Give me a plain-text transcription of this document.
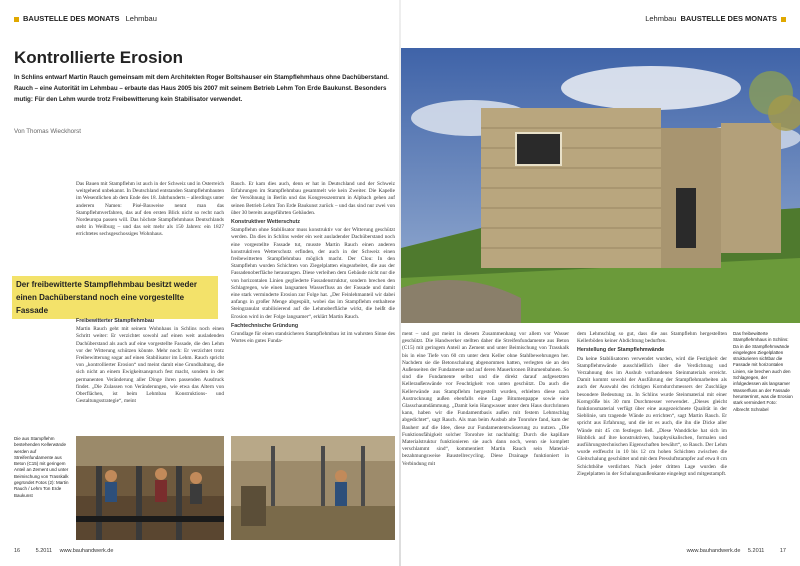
BAUSTELLE DES MONATS Lehmbau	Lehmbau BAUSTELLE DES MONATS
Kontrollierte Erosion
In Schlins entwarf Martin Rauch gemeinsam mit dem Architekten Roger Boltshauser ein Stampflehmhaus ohne Dachüberstand. Rauch – eine Autorität im Lehmbau – erbaute das Haus 2005 bis 2007 mit seinem Betrieb Lehm Ton Erde Baukunst. Besonders mutig: Für den Lehm wurde trotz Freibewitterung kein Stabilisator verwendet.
Von Thomas Wieckhorst

Das Bauen mit Stampflehm ist auch in der Schweiz und in Österreich weitgehend unbekannt. In Deutschland entstanden Stampflehmbauten im Wesentlichen ab dem Ende des 18. Jahrhunderts – allerdings unter anderem Namen: Pisé-Bauweise nennt man das Stampflehmverfahren, das auf den ersten Blick nicht so recht nach Nordeuropa passen will. Das höchste Stampflehmhaus Deutschlands steht in Weilburg – und das seit mehr als 150 Jahren: ein 1827 errichtetes sechsgeschossiges Wohnhaus.

Der freibewitterte Stampflehmbau besitzt weder einen Dachüberstand noch eine vorgestellte Fassade
Freibewitterter Stampflehmbau

Martin Rauch geht mit seinem Wohnhaus in Schlins noch einen Schritt weiter: Er verzichtet sowohl auf einen weit ausladenden Dachüberstand als auch auf eine vorgestellte Fassade, die den Lehm vor der Witterung schützen könnte. Mehr noch: Er verzichtet trotz Freibewitterung sogar auf einen Stabilisator im Lehm. Rauch spricht von „kontrollierter Erosion“ und meint damit eine Grundhaltung, die sich nicht an einem Ewigkeitsanspruch fest macht, sondern in der permanenten Veränderung aller Dinge ihren passenden Ausdruck findet. „Die Zulassen von Veränderungen, wie etwa das Altern von Oberflächen, ist beim Lehmbau Konstruktions- und Gestaltungsstrategie“, meint

Rauch. Er kam dies auch, denn er hat in Deutschland und der Schweiz Erfahrungen im Stampflehmbau gesammelt wie kein Zweiter. Die Kapelle der Versöhnung in Berlin und das Kongresszentrum in Alpbach gehen auf seinen Betrieb Lehm Ton Erde Baukunst zurück – und das sind nur zwei von über 30 bereits ausgeführten Gebäuden.

Konstruktiver Wetterschutz

Stampflehm ohne Stabilisator muss konstruktiv vor der Witterung geschützt werden. Da dies in Schlins weder ein weit ausladender Dachüberstand noch eine vorgestellte Fassade tut, musste Martin Rauch einen anderen konstruktiven Wetterschutz erfinden, der auch in der Schweiz einen freibewitterten Stampflehmbau möglich macht. Der Clou: In den Stampflehm wurden Schichten von Ziegelplatten eingearbeitet, die aus der Fassadenoberfläche herausragen. Diese verleihen dem Gebäude nicht nur die von horizontalen Linien gegliederte Fassadenstruktur, sondern brechen den Schlagregen, wie einen langsamen Wasserfluss an der Fassade und damit eine stark verminderte Erosion zur Folge hat. „Der Feinlehmanteil wir dabei anfangs in großer Menge abgespült, wobei das im Stampflehm enthaltene Steingranulat stabilisierend auf die Lehmoberfläche wirkt, die heißt die Erosion wird in der Folge langsamer“, erklärt Martin Rauch.

Fachtechnische Gründung

Grundlage für einen standsicheren Stampflehmbau ist im wahrsten Sinne des Wortes ein gutes Funda-

Die aus Stampflehm bestehenden Kellerwände werden auf Streifenfundamente aus Beton (C15) mit geringem Anteil an Zement und unter Beimischung von Trasskalk gegründet Fotos (2): Martin Rauch / Lehm Ton Erde Baukunst
16	5.2011 www.bauhandwerk.de

ment – und gut meint in diesem Zusammenhang vor allem vor Wasser geschützt. Die Handwerker stellten daher die Streifenfundamente aus Beton (C15) mit geringem Anteil an Zement und unter Beimischung von Trasskalk bis in eine Tiefe von 60 cm unter dem Keller ohne Stahlbewehrungen her. Nachdem sie die Betonschalung abgenommen hatten, verlegten sie an den Außenseiten der Fundamente und auf deren Mauerkronen Bitumenbahnen. So sind die Fundamente selbst und die direkt darauf aufgesetzten Kelleraußenwände vor Feuchtigkeit von unten geschützt. Da auch die Kellerwände aus Stampflehm hergestellt wurden, erhielten diese nach Austrocknung außen ebenfalls eine Lage Bitumenpappe sowie eine Glasschaumdämmung. „Damit kein Hangwasser unter dem Haus durchrinnen kann, haben wir die Fundamentbasis außen mit festem Lehmschlag abgedichtet“, sagt Rauch. Als man beim Ausbub alte Tonrohre fand, kam der Bauherr auf die Idee, diese zur Fundamententwässerung zu nutzen. „Die Funktionsfähigkeit solcher Tonrohre ist nachhaltig: Durch die kapillare Materialstruktur funktionieren sie auch dann noch, wenn sie komplett verschlammt sind“, kommentiert Martin Rauch sein Material-bezahmungsweise Baustellrecycling. Diese Drainage funktioniert in Verbindung mit

dem Lehmschlag so gut, dass die aus Stampflehm hergestellten Kellerböden keiner Abdichtung bedurften.

Herstellung der Stampflehmwände

Da keine Stabilisatoren verwendet wurden, wird die Festigkeit der Stampflehmwände ausschließlich über die Verdichtung und Verzahnung des im Aushub vorhandenen Steinmaterials erreicht. Damit kommt sowohl der Ausführung der Stampflehmarbeiten als auch der Auswahl des richtigen Korndurchmessers der Zuschläge besondere Bedeutung zu. In Schlins wurde Steinmaterial mit einer Korngröße bis 30 mm Durchmesser verwendet. „Dieses gleicht funktionsmaterial verfügt über eine ausgezeichnete Qualität in der Sieblinie, um tragende Wände zu errichten“, sagt Martin Rauch. Er spricht aus Erfahrung, und die ist es auch, die ihn die Dicke aller Wände mit 45 cm festlegen ließ. „Diese Wanddicke hat sich im Hinblick auf ihre konstruktiven, bauphysikalischen, formalen und ausführungstechnischen Eigenschaften bewährt“, so Rauch. Der Lehm wurde erdfeucht in 10 bis 12 cm hohen Schichten zwischen die Gleitschalung geschüttet und mit dem Pressluftstampfer auf etwa 8 cm Schichthöhe verdichtet. Nach jeder dritten Lage wurden die Ziegelplatten in der Schalungsaußenkante eingelegt und mitgestampft.

Das freibewitterte Stampflehmhaus in Schlins: Da in die Stampflehmwände eingelegten Ziegelplatten strukturieren sichtbar die Fassade mit horizontalen Linien, sie brechen auch den Schlagregen, der infolgedessen als langsamer Wasserfluss an der Fassade herunterrinnt, was die Erosion stark vermindert Foto: Albrecht Schrabel
www.bauhandwerk.de 5.2011	17
